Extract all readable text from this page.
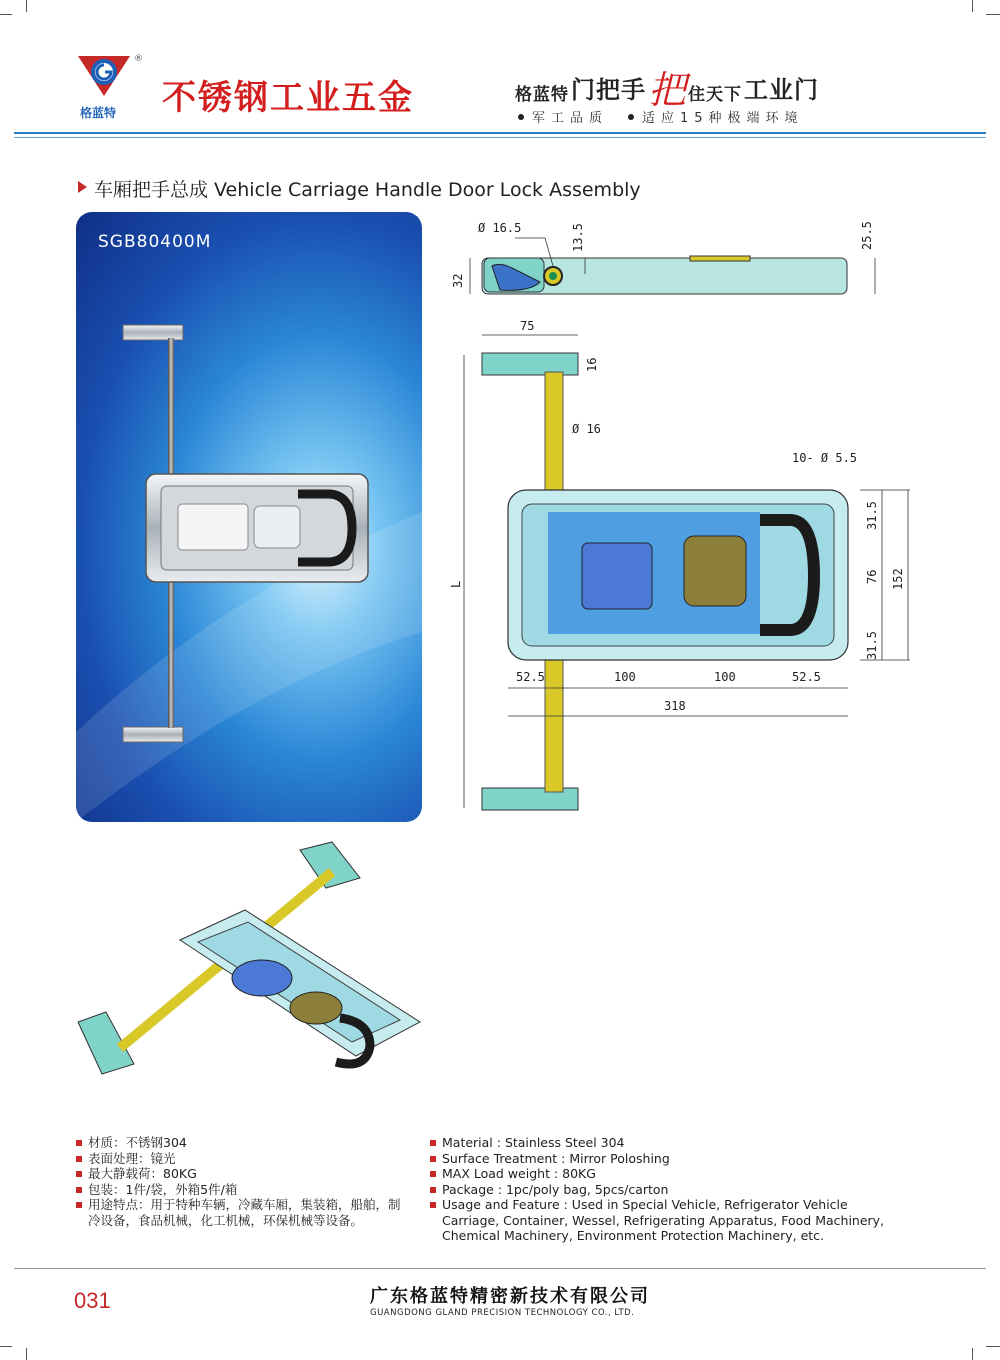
®
格蓝特 不锈钢工业五金	格蓝特 门把手 把 住天下 工业门
军工品质	适应15种极端环境
车厢把手总成 Vehicle Carriage Handle Door Lock Assembly
SGB80400M
Ø 16.5	13.5	25.5
32
75
16
Ø 16
10- Ø 5.5
L
31.5
76
31.5
152
52.5	100	100	52.5
318
材质：不锈钢304
表面处理：镜光
最大静载荷：80KG
包装：1件/袋，外箱5件/箱
用途特点：用于特种车辆，冷藏车厢，集装箱，船舶，制冷设备，食品机械，化工机械，环保机械等设备。
Material : Stainless Steel 304
Surface Treatment : Mirror Poloshing
MAX Load weight : 80KG
Package : 1pc/poly bag, 5pcs/carton
Usage and Feature : Used in Special Vehicle, Refrigerator Vehicle Carriage, Container, Wessel, Refrigerating Apparatus, Food Machinery, Chemical Machinery, Environment Protection Machinery, etc.
031	广东格蓝特精密新技术有限公司
GUANGDONG GLAND PRECISION TECHNOLOGY CO., LTD.
